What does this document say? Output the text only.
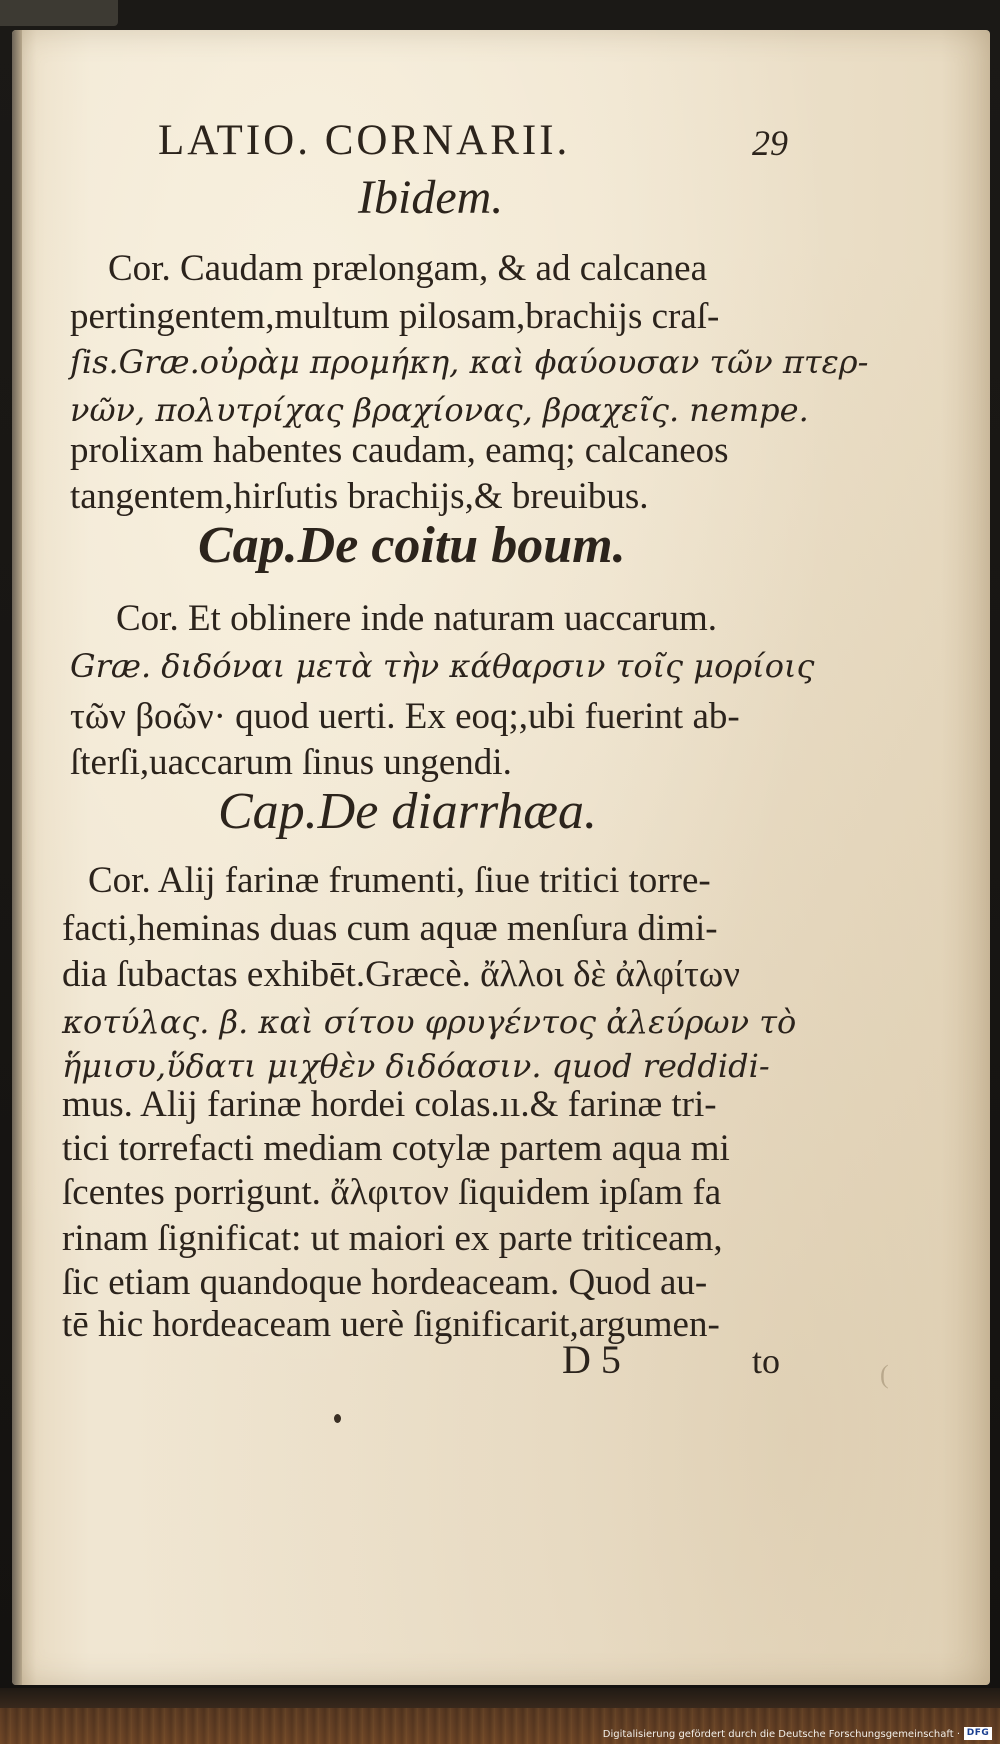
LATIO. CORNARII.	29
Ibidem.
Cor. Caudam prælongam, & ad calcanea
pertingentem,multum pilosam,brachijs craſ-
ſis.Græ.οὐρὰμ προμήκη, καὶ ϕαύουσαν τῶν πτερ-
νῶν, πολυτρίχας βραχίονας, βραχεῖς. nempe.
prolixam habentes caudam, eamq; calcaneos
tangentem,hirſutis brachijs,& breuibus.
Cap.De coitu boum.
Cor. Et oblinere inde naturam uaccarum.
Græ. διδόναι μετὰ τὴν κάθαρσιν τοῖς μορίοις
τῶν βοῶν· quod uerti. Ex eoq;,ubi fuerint ab-
ſterſi,uaccarum ſinus ungendi.
Cap.De diarrhæa.
Cor. Alij farinæ frumenti, ſiue tritici torre-
facti,heminas duas cum aquæ menſura dimi-
dia ſubactas exhibēt.Græcè. ἄλλοι δὲ ἀλφίτων
κοτύλας. β. καὶ σίτου φρυγέντος ἀλεύρων τὸ
ἥμισυ,ὕδατι μιχθὲν διδόασιν. quod reddidi-
mus. Alij farinæ hordei colas.ıı.& farinæ tri-
tici torrefacti mediam cotylæ partem aqua mi
ſcentes porrigunt. ἄλφιτον ſiquidem ipſam fa
rinam ſignificat: ut maiori ex parte triticeam,
ſic etiam quandoque hordeaceam. Quod au-
tē hic hordeaceam uerè ſignificarit,argumen-
D 5	to	(
Digitalisierung gefördert durch die Deutsche Forschungsgemeinschaft · DFG
